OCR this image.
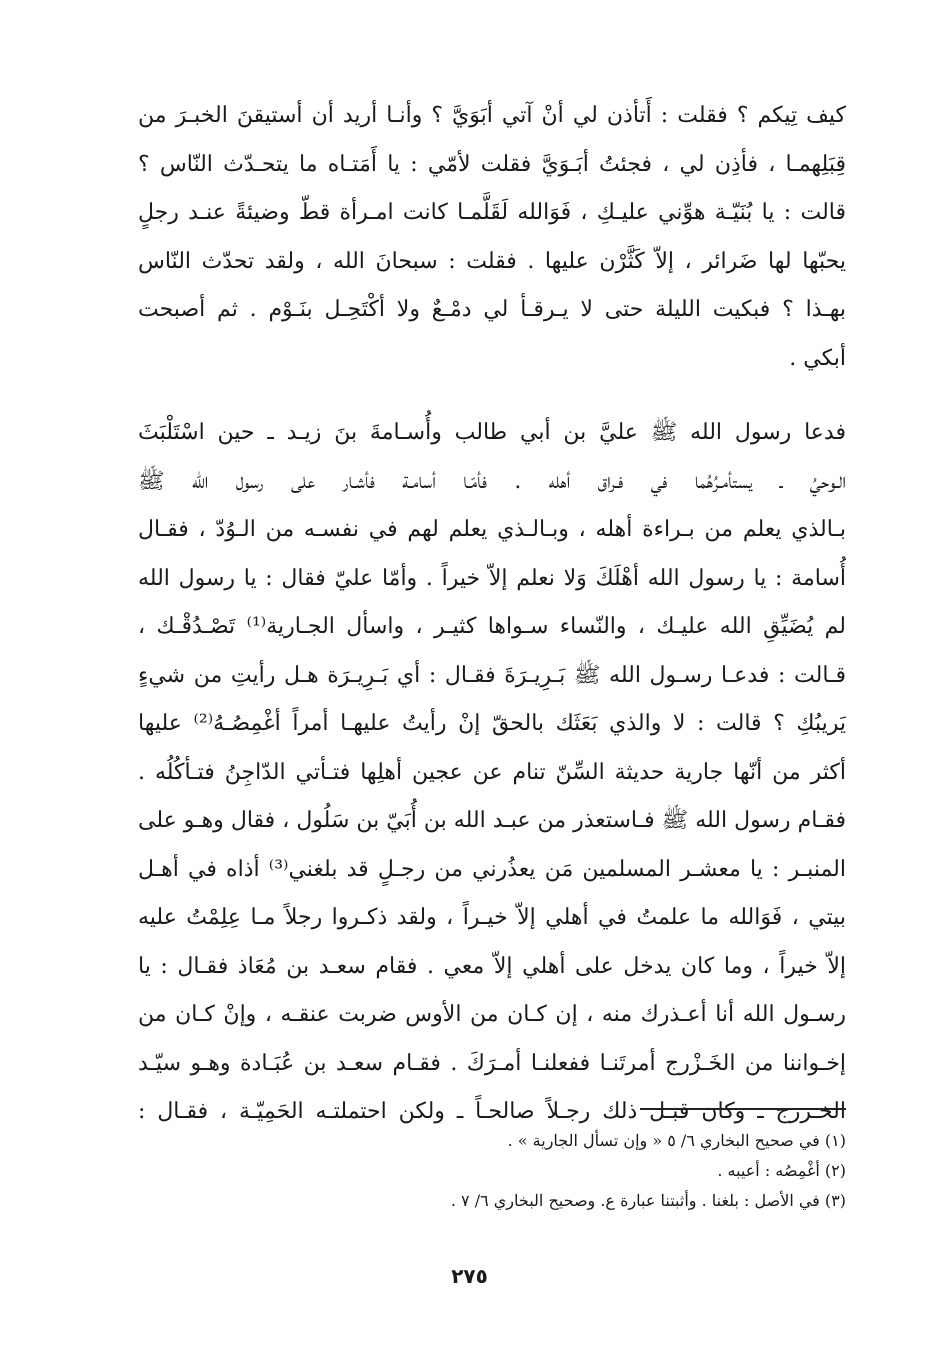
كيف تِيكم ؟ فقلت : أَتأذن لي أنْ آتي أبَوَيَّ ؟ وأنـا أريد أن أستيقنَ الخبـرَ من
قِبَلِهمـا ، فأذِن لي ، فجئتُ أبَـوَيَّ فقلت لأمّي : يا أَمَتـاه ما يتحـدّث النّاس ؟
قالت : يا بُنَيّـة هوِّني عليـكِ ، فَوَالله لَقَلَّمـا كانت امـرأة قطّ وضيئةً عنـد رجلٍ
يحبّها لها ضَرائر ، إلاّ كَثَّرْن عليها . فقلت : سبحانَ الله ، ولقد تحدّث النّاس
بهـذا ؟ فبكيت الليلة حتى لا يـرقـأ لي دمْـعٌ ولا أكْتَحِـل بنَـوْم . ثم أصبحت
أبكي .
فدعا رسول الله ﷺ عليَّ بن أبي طالب وأُسـامةَ بنَ زيـد ـ حين اسْتَلْبَثَ
الـوحيُ ـ يستأمـرُهُما في فـراق أهله . فأمّـا أسامـة فأشـار على رسول الله ﷺ
بـالذي يعلم من بـراءة أهله ، وبـالـذي يعلم لهم في نفسـه من الـوُدّ ، فقـال
أُسامة : يا رسول الله أهْلَكَ وَلا نعلم إلاّ خيراً . وأمّا عليّ فقال : يا رسول الله
لم يُضَيِّقِ الله عليـك ، والنّساء سـواها كثيـر ، واسأل الجـارية⁽¹⁾ تَصْـدُقْـك ،
قـالت : فدعـا رسـول الله ﷺ بَـرِيـرَةَ فقـال : أي بَـرِيـرَة هـل رأيتِ من شيءٍ
يَريبُكِ ؟ قالت : لا والذي بَعَثَك بالحقّ إنْ رأيتُ عليهـا أمراً أغْمِصُـهُ⁽²⁾ عليها
أكثر من أنّها جارية حديثة السِّنّ تنام عن عجين أهلِها فتـأتي الدّاجِنُ فتـأكُلُه .
فقـام رسول الله ﷺ فـاستعذر من عبـد الله بن أُبَيّ بن سَلُول ، فقال وهـو على
المنبـر : يا معشـر المسلمين مَن يعذُرني من رجـلٍ قد بلغني⁽³⁾ أذاه في أهـل
بيتي ، فَوَالله ما علمتُ في أهلي إلاّ خيـراً ، ولقد ذكـروا رجلاً مـا عِلِمْتُ عليه
إلاّ خيراً ، وما كان يدخل على أهلي إلاّ معي . فقام سعـد بن مُعَاذ فقـال : يا
رسـول الله أنا أعـذرك منه ، إن كـان من الأوس ضربت عنقـه ، وإنْ كـان من
إخـواننا من الخَـزْرج أمرتَنـا ففعلنـا أمـرَكَ . فقـام سعـد بن عُبَـادة وهـو سيّـد
الخـزرج ـ وكان قبـل ذلك رجـلاً صالحـاً ـ ولكن احتملتـه الحَمِيّـة ، فقـال :
(١) في صحيح البخاري ٦/ ٥ « وإن تسأل الجارية » .
(٢) أغْمِصُه : أعيبه .
(٣) في الأصل : بلغنا . وأثبتنا عبارة ع. وصحيح البخاري ٦/ ٧ .
٢٧٥
